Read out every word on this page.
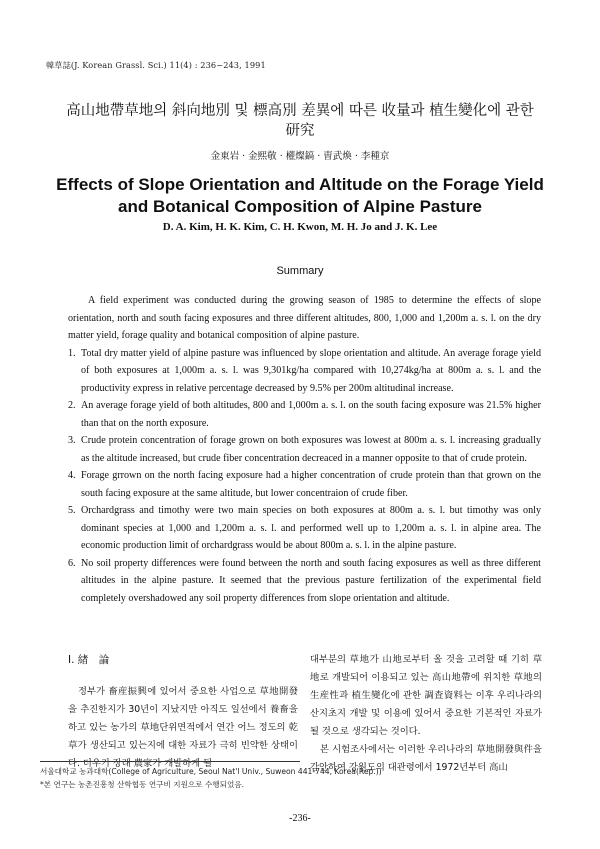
韓草誌(J. Korean Grassl. Sci.) 11(4) : 236~243, 1991
高山地帶草地의 斜向地別 및 標高別 差異에 따른 收量과 植生變化에 관한 研究
金東岩 · 金熙敬 · 權燦鎬 · 曺武煥 · 李種京
Effects of Slope Orientation and Altitude on the Forage Yield and Botanical Composition of Alpine Pasture
D. A. Kim, H. K. Kim, C. H. Kwon, M. H. Jo and J. K. Lee
Summary

A field experiment was conducted during the growing season of 1985 to determine the effects of slope orientation, north and south facing exposures and three different altitudes, 800, 1,000 and 1,200m a. s. l. on the dry matter yield, forage quality and botanical composition of alpine pasture.

1. Total dry matter yield of alpine pasture was influenced by slope orientation and altitude. An average forage yield of both exposures at 1,000m a. s. l. was 9,301kg/ha compared with 10,274kg/ha at 800m a. s. l. and the productivity express in relative percentage decreased by 9.5% per 200m altitudinal increase.
2. An average forage yield of both altitudes, 800 and 1,000m a. s. l. on the south facing exposure was 21.5% higher than that on the north exposure.
3. Crude protein concentration of forage grown on both exposures was lowest at 800m a. s. l. increasing gradually as the altitude increased, but crude fiber concentration decreaced in a manner opposite to that of crude protein.
4. Forage grrown on the north facing exposure had a higher concentration of crude protein than that grown on the south facing exposure at the same altitude, but lower concentraion of crude fiber.
5. Orchardgrass and timothy were two main species on both exposures at 800m a. s. l. but timothy was only dominant species at 1,000 and 1,200m a. s. l. and performed well up to 1,200m a. s. l. in alpine area. The economic production limit of orchardgrass would be about 800m a. s. l. in the alpine pasture.
6. No soil property differences were found between the north and south facing exposures as well as three different altitudes in the alpine pasture. It seemed that the previous pasture fertilization of the experimental field completely overshadowed any soil property differences from slope orientation and altitude.
Ⅰ. 緖　論

정부가 畜産振興에 있어서 중요한 사업으로 草地開發을 추진한지가 30년이 지났지만 아직도 일선에서 養畜을 하고 있는 농가의 草地단위면적에서 연간 어느 정도의 乾草가 생산되고 있는지에 대한 자료가 극히 빈약한 상태이다. 더우기 장래 農家가 개발하게 될

대부분의 草地가 山地로부터 올 것을 고려할 때 기히 草地로 개발되어 이용되고 있는 高山地帶에 위치한 草地의 生産性과 植生變化에 관한 調査資料는 이후 우리나라의 산지초지 개발 및 이용에 있어서 중요한 기본적인 자료가 될 것으로 생각되는 것이다.

본 시험조사에서는 이러한 우리나라의 草地開發與件을 감안하여 강원도의 대관령에서 1972년부터 高山

서울대학교 농과대학(College of Agriculture, Seoul Nat'l Univ., Suweon 441-744, Korea(Rep.))
*본 연구는 농촌진흥청 산학협동 연구비 지원으로 수행되었음.
-236-
